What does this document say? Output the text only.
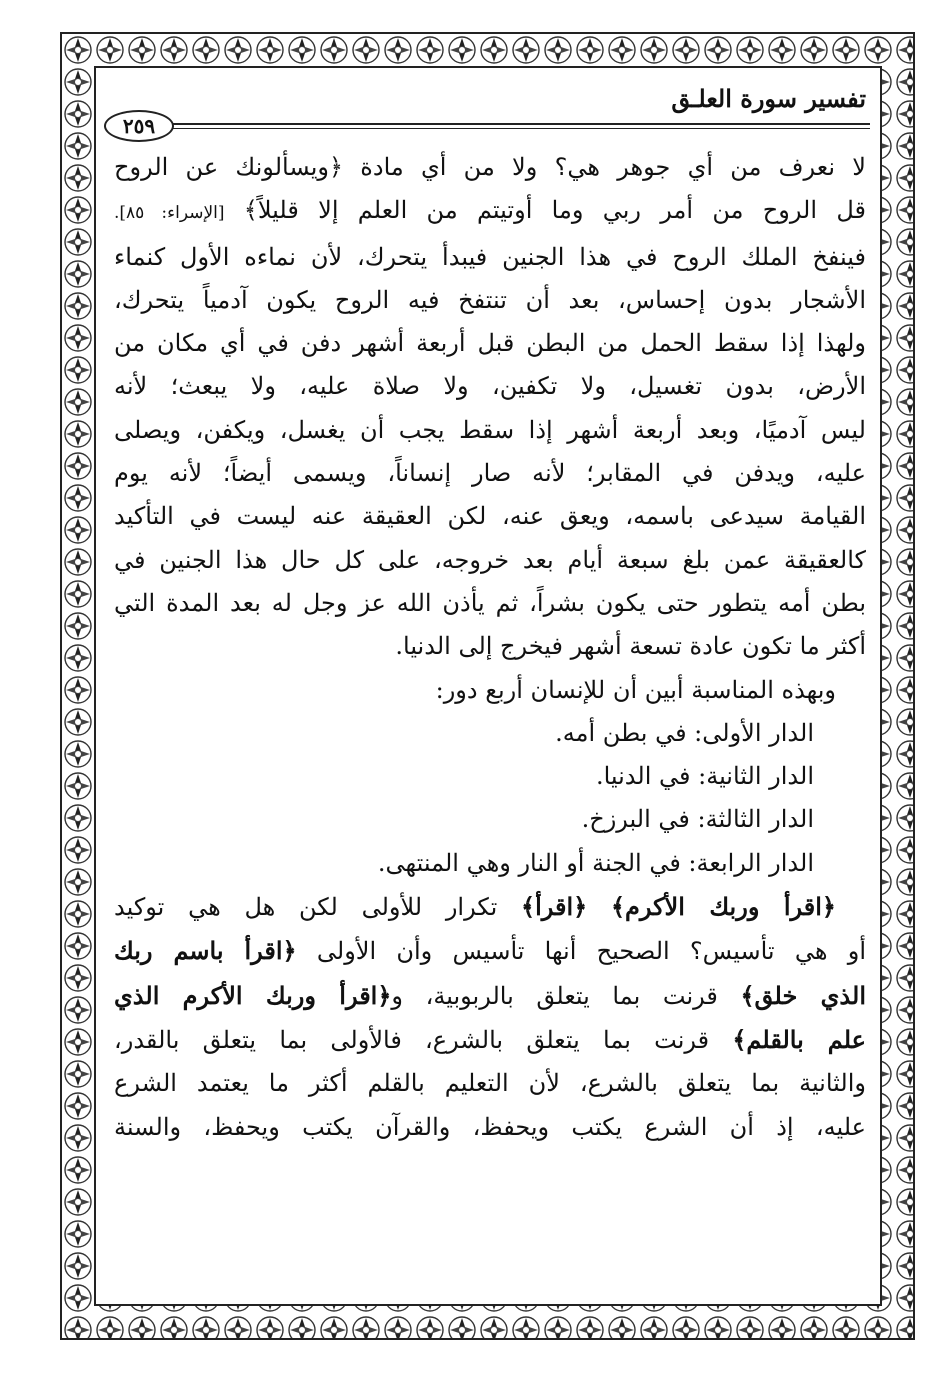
تفسير سورة العلـق
٢٥٩
لا نعرف من أي جوهر هي؟ ولا من أي مادة ﴿ويسألونك عن الروح
قل الروح من أمر ربي وما أوتيتم من العلم إلا قليلاً﴾ [الإسراء: ٨٥].
فينفخ الملك الروح في هذا الجنين فيبدأ يتحرك، لأن نماءه الأول كنماء
الأشجار بدون إحساس، بعد أن تنتفخ فيه الروح يكون آدمياً يتحرك،
ولهذا إذا سقط الحمل من البطن قبل أربعة أشهر دفن في أي مكان من
الأرض، بدون تغسيل، ولا تكفين، ولا صلاة عليه، ولا يبعث؛ لأنه
ليس آدميًا، وبعد أربعة أشهر إذا سقط يجب أن يغسل، ويكفن، ويصلى
عليه، ويدفن في المقابر؛ لأنه صار إنساناً، ويسمى أيضاً؛ لأنه يوم
القيامة سيدعى باسمه، ويعق عنه، لكن العقيقة عنه ليست في التأكيد
كالعقيقة عمن بلغ سبعة أيام بعد خروجه، على كل حال هذا الجنين في
بطن أمه يتطور حتى يكون بشراً، ثم يأذن الله عز وجل له بعد المدة التي
أكثر ما تكون عادة تسعة أشهر فيخرج إلى الدنيا.
وبهذه المناسبة أبين أن للإنسان أربع دور:
الدار الأولى: في بطن أمه.
الدار الثانية: في الدنيا.
الدار الثالثة: في البرزخ.
الدار الرابعة: في الجنة أو النار وهي المنتهى.
﴿اقرأ وربك الأكرم﴾ ﴿اقرأ﴾ تكرار للأولى لكن هل هي توكيد
أو هي تأسيس؟ الصحيح أنها تأسيس وأن الأولى ﴿اقرأ باسم ربك
الذي خلق﴾ قرنت بما يتعلق بالربوبية، و﴿اقرأ وربك الأكرم الذي
علم بالقلم﴾ قرنت بما يتعلق بالشرع، فالأولى بما يتعلق بالقدر،
والثانية بما يتعلق بالشرع، لأن التعليم بالقلم أكثر ما يعتمد الشرع
عليه، إذ أن الشرع يكتب ويحفظ، والقرآن يكتب ويحفظ، والسنة
